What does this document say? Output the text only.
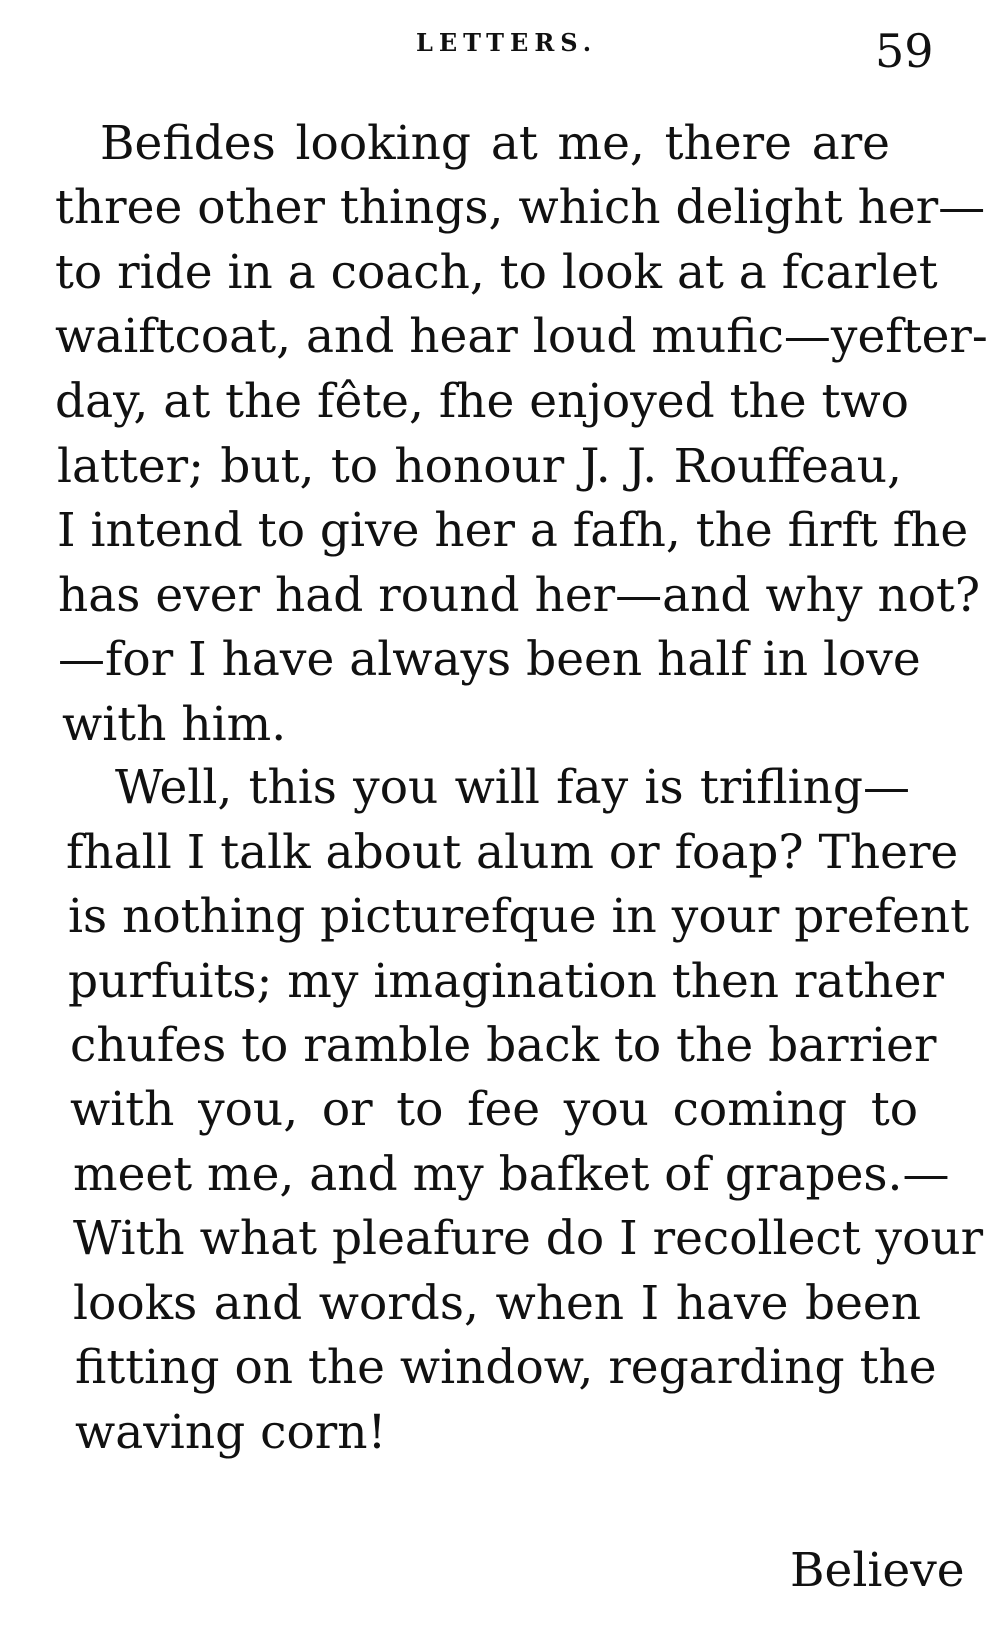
LETTERS.	59
Befides looking at me, there are
three other things, which delight her—
to ride in a coach, to look at a fcarlet
waiftcoat, and hear loud mufic—yefter-
day, at the fête, fhe enjoyed the two
latter; but, to honour J. J. Rouffeau,
I intend to give her a fafh, the firft fhe
has ever had round her—and why not?
—for I have always been half in love
with him.
Well, this you will fay is trifling—
fhall I talk about alum or foap? There
is nothing picturefque in your prefent
purfuits; my imagination then rather
chufes to ramble back to the barrier
with you, or to fee you coming to
meet me, and my bafket of grapes.—
With what pleafure do I recollect your
looks and words, when I have been
fitting on the window, regarding the
waving corn!
Believe
